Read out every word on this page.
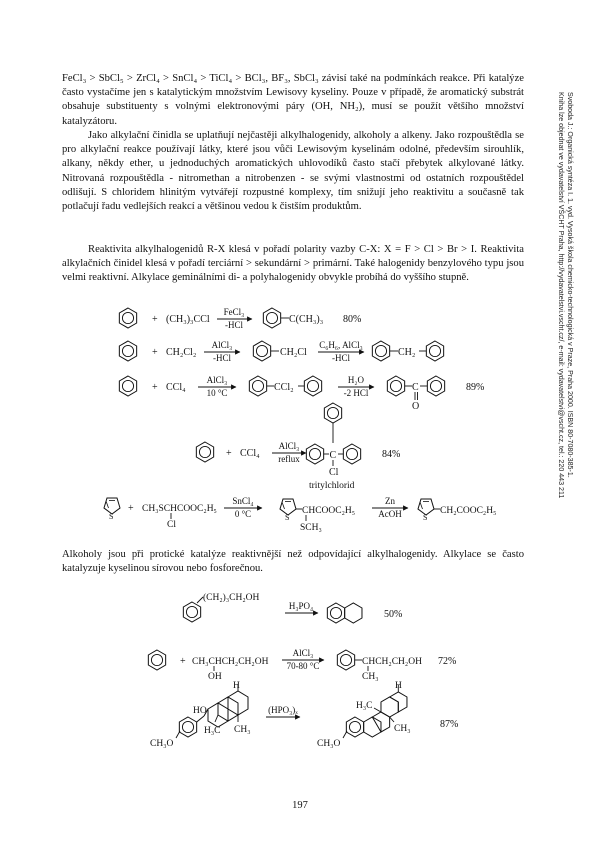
Svoboda J.: Organická syntéza I. 1. vyd. Vysoká škola chemicko-technologická v Praze, Praha 2000. ISBN 80-7080-385-1.
Kniha lze objednat ve vydavatelství VŠCHT Praha, http://vydavatelstvi.vscht.cz/, e-mail: vydavatelstvi@vscht.cz, tel.: 220 443 211

FeCl₃ > SbCl₅ > ZrCl₄ > SnCl₄ > TiCl₄ > BCl₃, BF₃, SbCl₃ závisí také na podmínkách reakce. Při katalýze často vystačíme jen s katalytickým množstvím Lewisovy kyseliny. Pouze v případě, že aromatický substrát obsahuje substituenty s volnými elektronovými páry (OH, NH₂), musí se použít většího množství katalyzátoru.

Jako alkylační činidla se uplatňují nejčastěji alkylhalogenidy, alkoholy a alkeny. Jako rozpouštědla se pro alkylační reakce používají látky, které jsou vůči Lewisovým kyselinám odolné, především sirouhlík, alkany, někdy ether, u jednoduchých aromatických uhlovodíků často stačí přebytek alkylované látky. Nitrovaná rozpouštědla - nitromethan a nitrobenzen - se svými vlastnostmi od ostatních rozpouštědel odlišují. S chloridem hlinitým vytvářejí rozpustné komplexy, tím snižují jeho reaktivitu a současně tak potlačují řadu vedlejších reakcí a většinou vedou k čistším produktům.

Reaktivita alkylhalogenidů R-X klesá v pořadí polarity vazby C-X: X = F > Cl > Br > I. Reaktivita alkylačních činidel klesá v pořadí terciární > sekundární > primární. Také halogenidy benzylového typu jsou velmi reaktivní. Alkylace geminálními di- a polyhalogenidy obvykle probíhá do vyššího stupně.

Alkoholy jsou při protické katalýze reaktivnější než odpovídající alkylhalogenidy. Alkylace se často katalyzuje kyselinou sírovou nebo fosforečnou.

+ (CH₃)₃CCl
FeCl₃
-HCl	C(CH₃)₃ 80%
+ CH₂Cl₂
AlCl₃
-HCl	CH₂Cl
C₆H₆, AlCl₃
-HCl	CH₂
+ CCl₄
AlCl₃
10 °C	CCl₂
H₂O
-2 HCl	C
O
89%
+ CCl₄
AlCl₃
reflux	C
Cl
tritylchlorid
84%
S
+ CH₃SCHCOOC₂H₅
Cl
SnCl₄
0 °C	S
CHCOOC₂H₅
SCH₃
Zn
AcOH	S
CH₂COOC₂H₅
(CH₂)₃CH₂OH
H₃PO₄
50%
+ CH₃CHCH₂CH₂OH
OH
AlCl₃
70-80 °C	CHCH₂CH₂OH
CH₃
72%
HO
H
H₃C CH₃
CH₃O
(HPO₃)ₓ
H
H₃C
CH₃
CH₃O
87%
197
